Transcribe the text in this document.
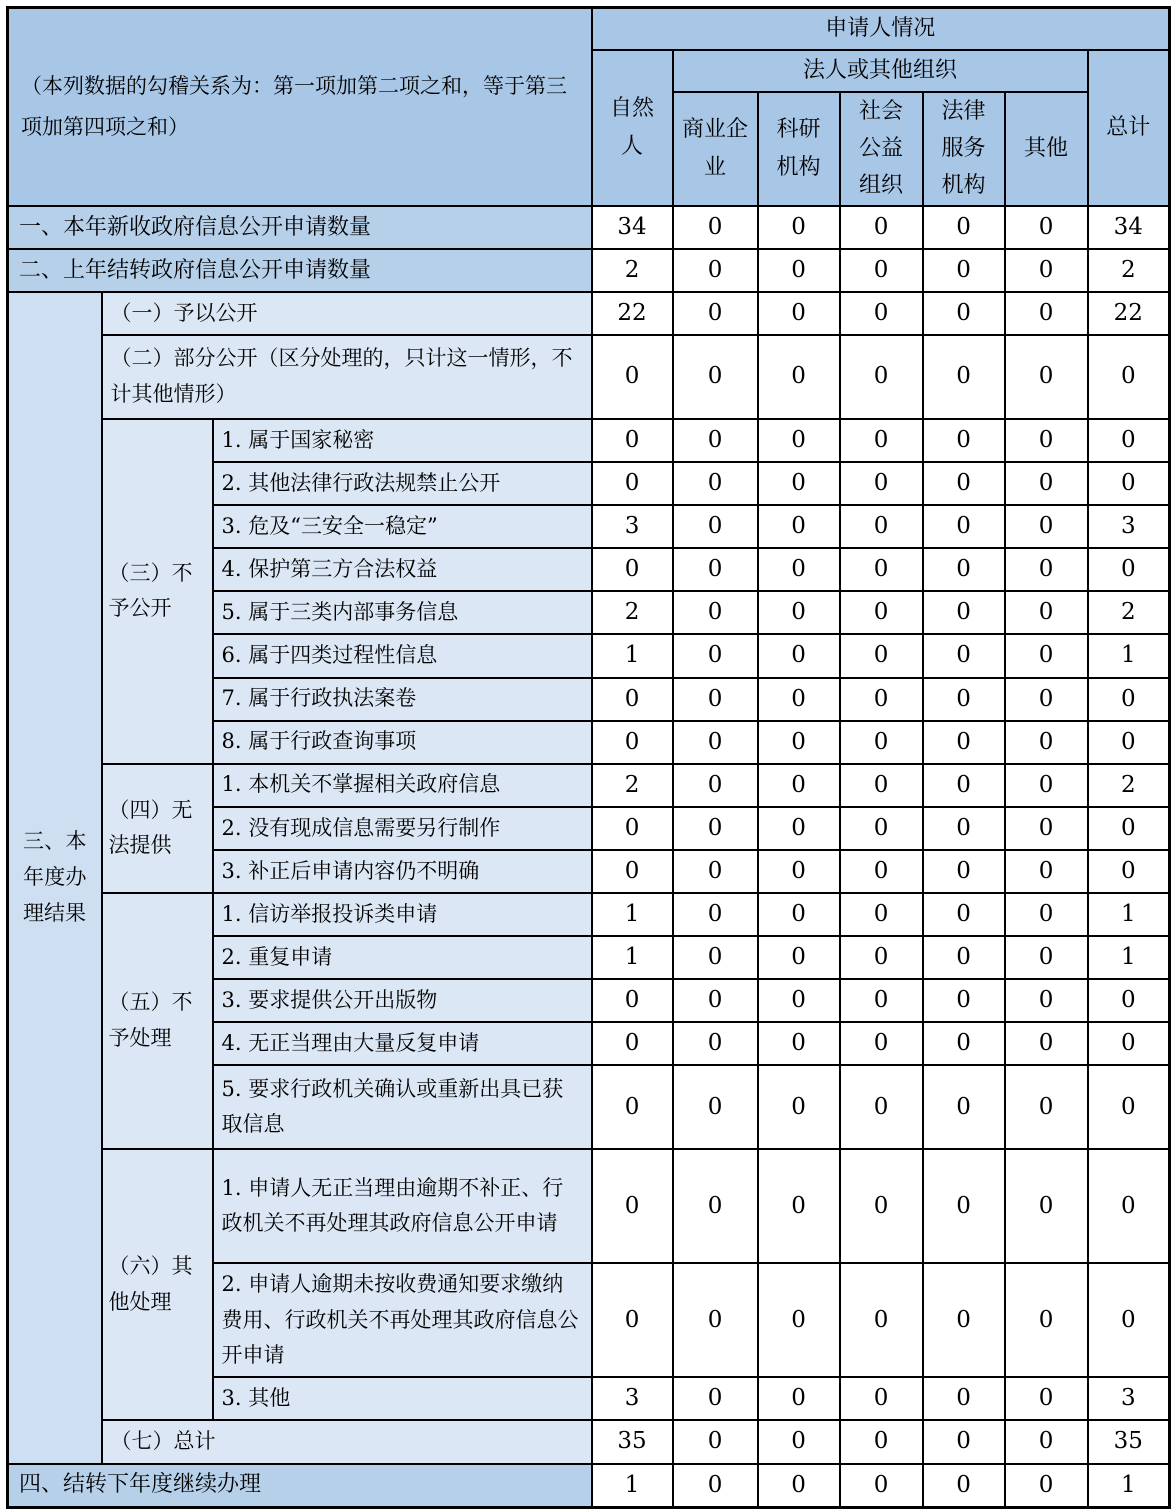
（本列数据的勾稽关系为：第一项加第二项之和，等于第三项加第四项之和）			申请人情况						
			自然人	法人或其他组织					总计
				商业企业	科研机构	社会公益组织	法律服务机构	其他	
一、本年新收政府信息公开申请数量			34	0	0	0	0	0	34
二、上年结转政府信息公开申请数量			2	0	0	0	0	0	2
三、本年度办理结果	（一）予以公开		22	0	0	0	0	0	22
	（二）部分公开（区分处理的，只计这一情形，不计其他情形）		0	0	0	0	0	0	0
	（三）不予公开	1. 属于国家秘密	0	0	0	0	0	0	0
		2. 其他法律行政法规禁止公开	0	0	0	0	0	0	0
		3. 危及“三安全一稳定”	3	0	0	0	0	0	3
		4. 保护第三方合法权益	0	0	0	0	0	0	0
		5. 属于三类内部事务信息	2	0	0	0	0	0	2
		6. 属于四类过程性信息	1	0	0	0	0	0	1
		7. 属于行政执法案卷	0	0	0	0	0	0	0
		8. 属于行政查询事项	0	0	0	0	0	0	0
	（四）无法提供	1. 本机关不掌握相关政府信息	2	0	0	0	0	0	2
		2. 没有现成信息需要另行制作	0	0	0	0	0	0	0
		3. 补正后申请内容仍不明确	0	0	0	0	0	0	0
	（五）不予处理	1. 信访举报投诉类申请	1	0	0	0	0	0	1
		2. 重复申请	1	0	0	0	0	0	1
		3. 要求提供公开出版物	0	0	0	0	0	0	0
		4. 无正当理由大量反复申请	0	0	0	0	0	0	0
		5. 要求行政机关确认或重新出具已获取信息	0	0	0	0	0	0	0
	（六）其他处理	1. 申请人无正当理由逾期不补正、行政机关不再处理其政府信息公开申请	0	0	0	0	0	0	0
		2. 申请人逾期未按收费通知要求缴纳费用、行政机关不再处理其政府信息公开申请	0	0	0	0	0	0	0
		3. 其他	3	0	0	0	0	0	3
	（七）总计		35	0	0	0	0	0	35
四、结转下年度继续办理			1	0	0	0	0	0	1
